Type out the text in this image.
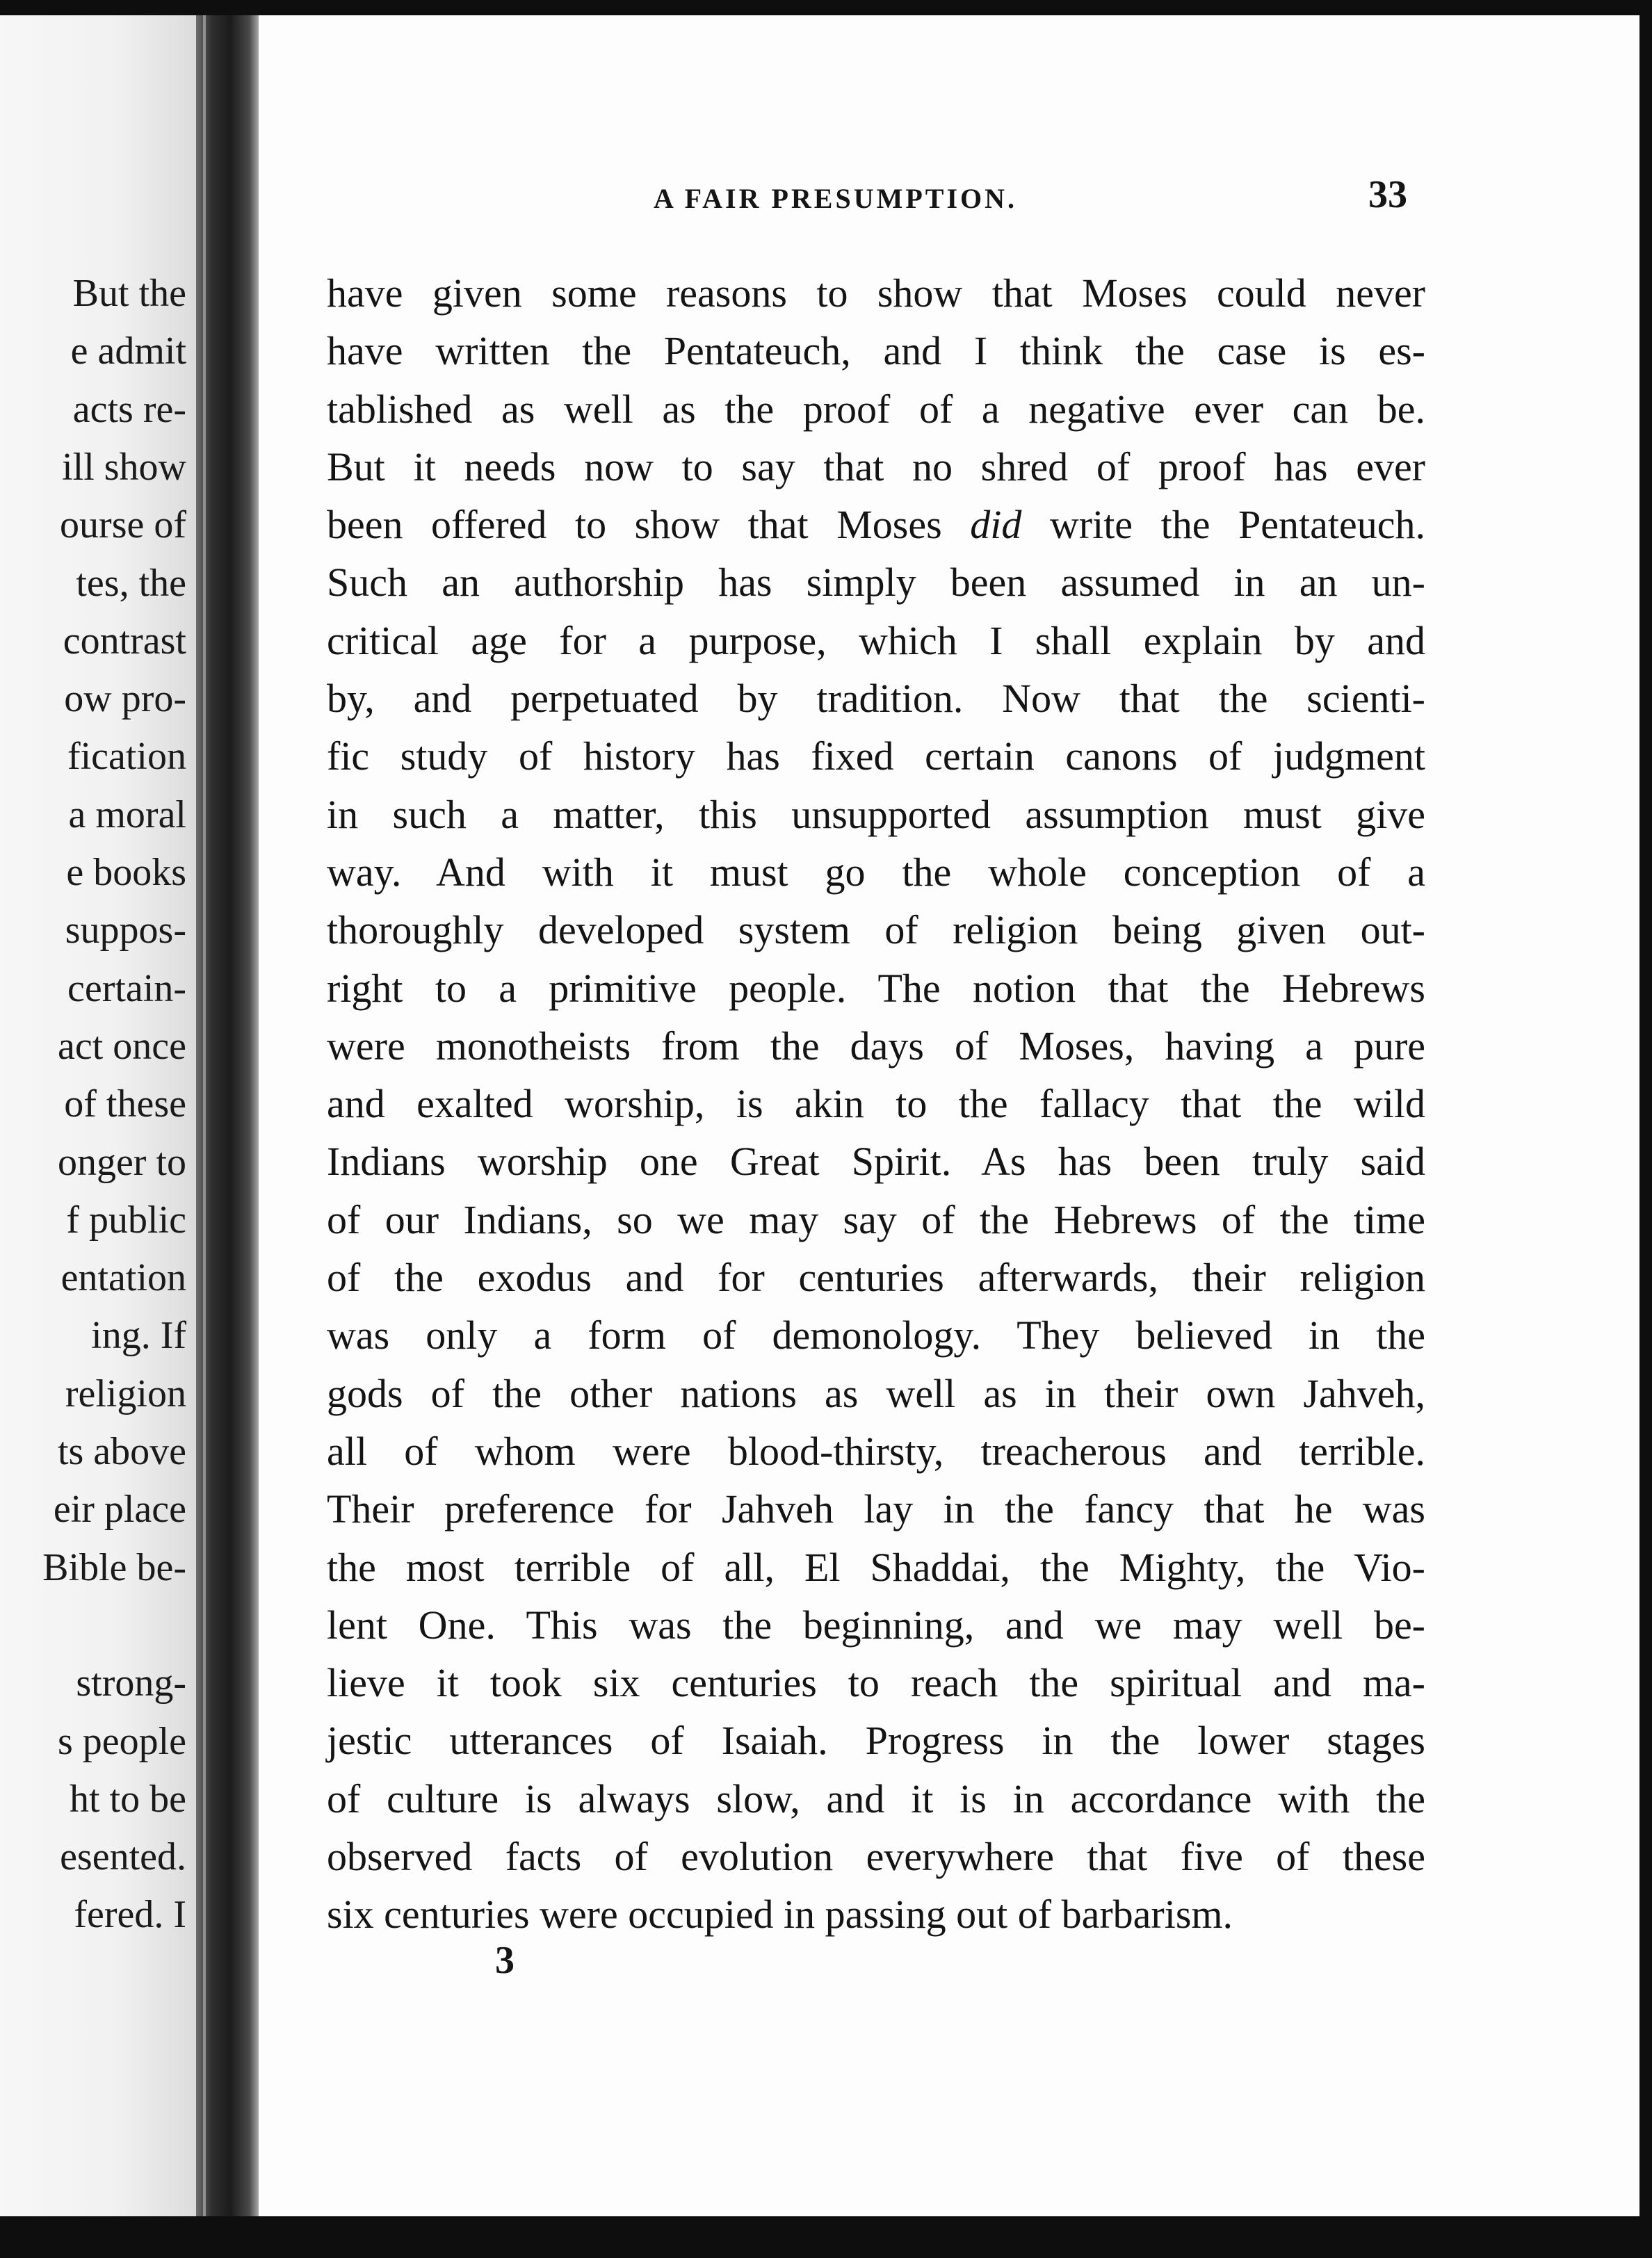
But the
e admit
acts re-
ill show
ourse of
tes, the
contrast
ow pro-
fication
a moral
e books
suppos-
certain-
act once
of these
onger to
f public
entation
ing. If
religion
ts above
eir place
Bible be-
strong-
s people
ht to be
esented.
fered. I
A FAIR PRESUMPTION.	33
have given some reasons to show that Moses could never
have written the Pentateuch, and I think the case is es-
tablished as well as the proof of a negative ever can be.
But it needs now to say that no shred of proof has ever
been offered to show that Moses did write the Pentateuch.
Such an authorship has simply been assumed in an un-
critical age for a purpose, which I shall explain by and
by, and perpetuated by tradition. Now that the scienti-
fic study of history has fixed certain canons of judgment
in such a matter, this unsupported assumption must give
way. And with it must go the whole conception of a
thoroughly developed system of religion being given out-
right to a primitive people. The notion that the Hebrews
were monotheists from the days of Moses, having a pure
and exalted worship, is akin to the fallacy that the wild
Indians worship one Great Spirit. As has been truly said
of our Indians, so we may say of the Hebrews of the time
of the exodus and for centuries afterwards, their religion
was only a form of demonology. They believed in the
gods of the other nations as well as in their own Jahveh,
all of whom were blood-thirsty, treacherous and terrible.
Their preference for Jahveh lay in the fancy that he was
the most terrible of all, El Shaddai, the Mighty, the Vio-
lent One. This was the beginning, and we may well be-
lieve it took six centuries to reach the spiritual and ma-
jestic utterances of Isaiah. Progress in the lower stages
of culture is always slow, and it is in accordance with the
observed facts of evolution everywhere that five of these
six centuries were occupied in passing out of barbarism.
3
